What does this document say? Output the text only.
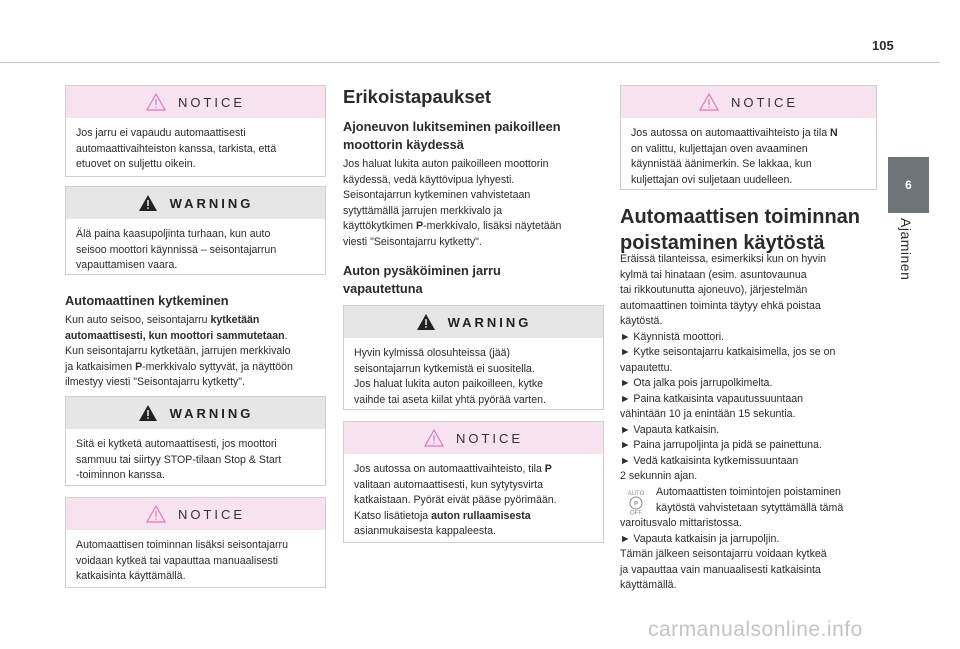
105
6
Ajaminen
NOTICE
Jos jarru ei vapaudu automaattisesti
automaattivaihteiston kanssa, tarkista, että
etuovet on suljettu oikein.
WARNING
Älä paina kaasupoljinta turhaan, kun auto
seisoo moottori käynnissä – seisontajarrun
vapauttamisen vaara.
Automaattinen kytkeminen
Kun auto seisoo, seisontajarru kytketään
automaattisesti, kun moottori sammutetaan.
Kun seisontajarru kytketään, jarrujen merkkivalo
ja katkaisimen P-merkkivalo syttyvät, ja näyttöön
ilmestyy viesti "Seisontajarru kytketty".
WARNING
Sitä ei kytketä automaattisesti, jos moottori
sammuu tai siirtyy STOP-tilaan Stop & Start
-toiminnon kanssa.
NOTICE
Automaattisen toiminnan lisäksi seisontajarru
voidaan kytkeä tai vapauttaa manuaalisesti
katkaisinta käyttämällä.
Erikoistapaukset
Ajoneuvon lukitseminen paikoilleen
moottorin käydessä
Jos haluat lukita auton paikoilleen moottorin
käydessä, vedä käyttövipua lyhyesti.
Seisontajarrun kytkeminen vahvistetaan
sytyttämällä jarrujen merkkivalo ja
käyttökytkimen P-merkkivalo, lisäksi näytetään
viesti "Seisontajarru kytketty".
Auton pysäköiminen jarru
vapautettuna
WARNING
Hyvin kylmissä olosuhteissa (jää)
seisontajarrun kytkemistä ei suositella.
Jos haluat lukita auton paikoilleen, kytke
vaihde tai aseta kiilat yhtä pyörää varten.
NOTICE
Jos autossa on automaattivaihteisto, tila P
valitaan automaattisesti, kun sytytysvirta
katkaistaan. Pyörät eivät pääse pyörimään.
Katso lisätietoja auton rullaamisesta
asianmukaisesta kappaleesta.
NOTICE
Jos autossa on automaattivaihteisto ja tila N
on valittu, kuljettajan oven avaaminen
käynnistää äänimerkin. Se lakkaa, kun
kuljettajan ovi suljetaan uudelleen.
Automaattisen toiminnan
poistaminen käytöstä
Eräissä tilanteissa, esimerkiksi kun on hyvin
kylmä tai hinataan (esim. asuntovaunua
tai rikkoutunutta ajoneuvo), järjestelmän
automaattinen toiminta täytyy ehkä poistaa
käytöstä.
► Käynnistä moottori.
► Kytke seisontajarru katkaisimella, jos se on
vapautettu.
► Ota jalka pois jarrupolkimelta.
► Paina katkaisinta vapautussuuntaan
vähintään 10 ja enintään 15 sekuntia.
► Vapauta katkaisin.
► Paina jarrupoljinta ja pidä se painettuna.
► Vedä katkaisinta kytkemissuuntaan
2 sekunnin ajan.
AUTO
P
OFF
Automaattisten toimintojen poistaminen
käytöstä vahvistetaan sytyttämällä tämä
varoitusvalo mittaristossa.
► Vapauta katkaisin ja jarrupoljin.
Tämän jälkeen seisontajarru voidaan kytkeä
ja vapauttaa vain manuaalisesti katkaisinta
käyttämällä.
carmanualsonline.info
